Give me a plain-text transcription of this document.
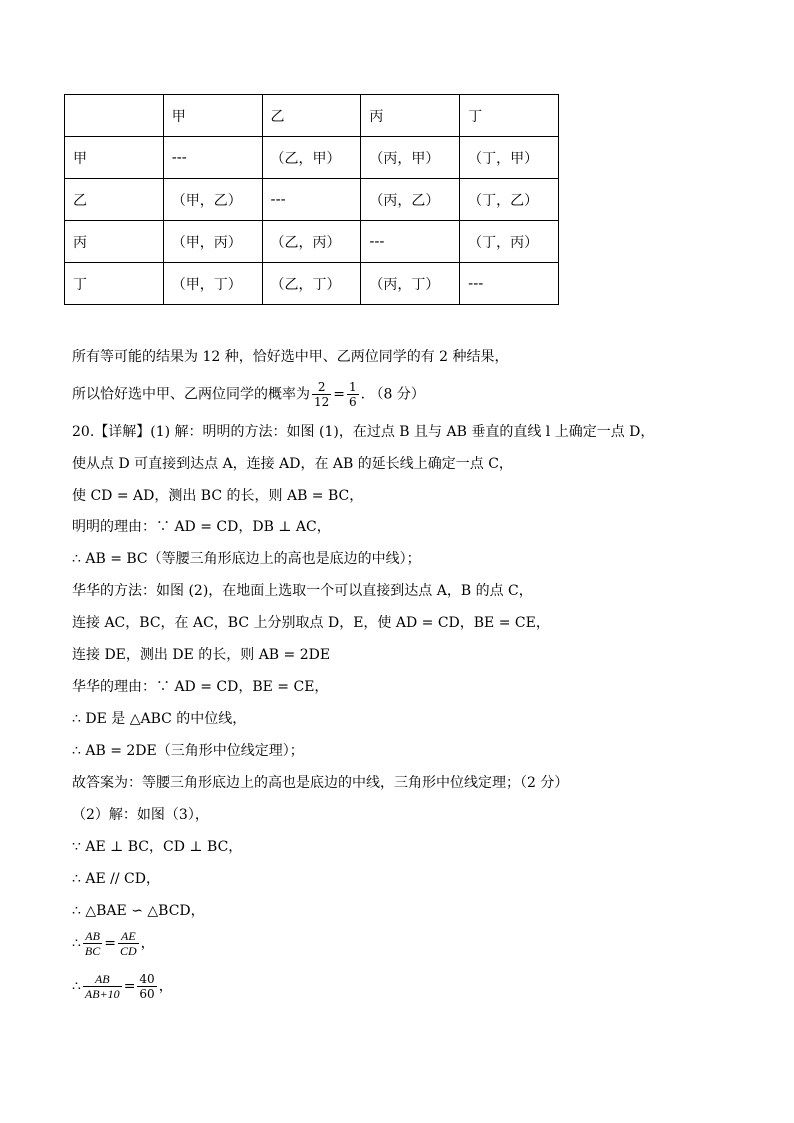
	甲	乙	丙	丁
甲	---	（乙，甲）	（丙，甲）	（丁，甲）
乙	（甲，乙）	---	（丙，乙）	（丁，乙）
丙	（甲，丙）	（乙，丙）	---	（丁，丙）
丁	（甲，丁）	（乙，丁）	（丙，丁）	---
所有等可能的结果为 12 种，恰好选中甲、乙两位同学的有 2 种结果，
所以恰好选中甲、乙两位同学的概率为 $\frac{2}{12} = \frac{1}{6}$ . （8 分）
20.【详解】(1) 解：明明的方法：如图 (1)，在过点 B 且与 AB 垂直的直线 l 上确定一点 D，
使从点 D 可直接到达点 A，连接 AD，在 AB 的延长线上确定一点 C，
使 CD = AD，测出 BC 的长，则 AB = BC，
明明的理由：∵ AD = CD，DB ⊥ AC，
∴ AB = BC（等腰三角形底边上的高也是底边的中线）；
华华的方法：如图 (2)，在地面上选取一个可以直接到达点 A，B 的点 C，
连接 AC，BC，在 AC，BC 上分别取点 D，E，使 AD = CD，BE = CE，
连接 DE，测出 DE 的长，则 AB = 2DE
华华的理由：∵ AD = CD，BE = CE，
∴ DE 是 △ABC 的中位线，
∴ AB = 2DE（三角形中位线定理）；
故答案为：等腰三角形底边上的高也是底边的中线，三角形中位线定理；（2 分）
（2）解：如图（3），
∵ AE ⊥ BC，CD ⊥ BC，
∴ AE // CD，
∴ △BAE ∽ △BCD，
∴ $\frac{AB}{BC} = \frac{AE}{CD}$ ，
∴ $\frac{AB}{AB+10} = \frac{40}{60}$ ，
